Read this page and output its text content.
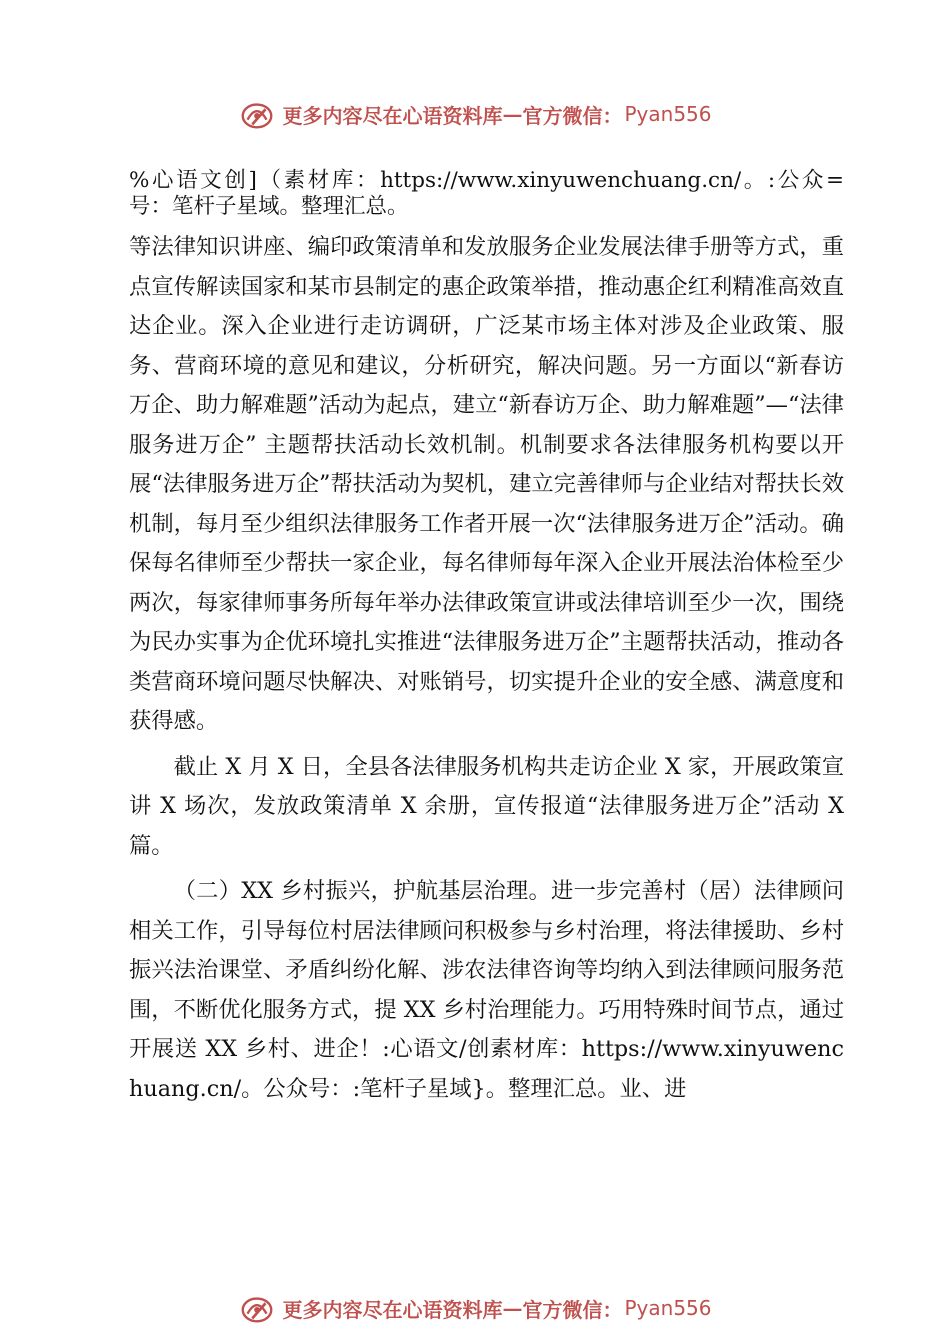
更多内容尽在心语资料库 — 官方微信： Pyan556

%心语文创]（素材库：https://www.xinyuwenchuang.cn/。:公众=号：笔杆子星域。整理汇总。

等法律知识讲座、编印政策清单和发放服务企业发展法律手册等方式，重点宣传解读国家和某市县制定的惠企政策举措，推动惠企红利精准高效直达企业。深入企业进行走访调研，广泛某市场主体对涉及企业政策、服务、营商环境的意见和建议，分析研究，解决问题。另一方面以“新春访万企、助力解难题”活动为起点，建立“新春访万企、助力解难题”—“法律服务进万企” 主题帮扶活动长效机制。机制要求各法律服务机构要以开展“法律服务进万企”帮扶活动为契机，建立完善律师与企业结对帮扶长效机制，每月至少组织法律服务工作者开展一次“法律服务进万企”活动。确保每名律师至少帮扶一家企业，每名律师每年深入企业开展法治体检至少两次，每家律师事务所每年举办法律政策宣讲或法律培训至少一次，围绕为民办实事为企优环境扎实推进“法律服务进万企”主题帮扶活动，推动各类营商环境问题尽快解决、对账销号，切实提升企业的安全感、满意度和获得感。

截止 X 月 X 日，全县各法律服务机构共走访企业 X 家，开展政策宣讲 X 场次，发放政策清单 X 余册，宣传报道“法律服务进万企”活动 X 篇。

（二）XX 乡村振兴，护航基层治理。进一步完善村（居）法律顾问相关工作，引导每位村居法律顾问积极参与乡村治理，将法律援助、乡村振兴法治课堂、矛盾纠纷化解、涉农法律咨询等均纳入到法律顾问服务范围，不断优化服务方式，提 XX 乡村治理能力。巧用特殊时间节点，通过开展送 XX 乡村、进企！:心语文/创素材库：https://www.xinyuwenchuang.cn/。公众号：:笔杆子星域}。整理汇总。业、进

更多内容尽在心语资料库 — 官方微信： Pyan556
